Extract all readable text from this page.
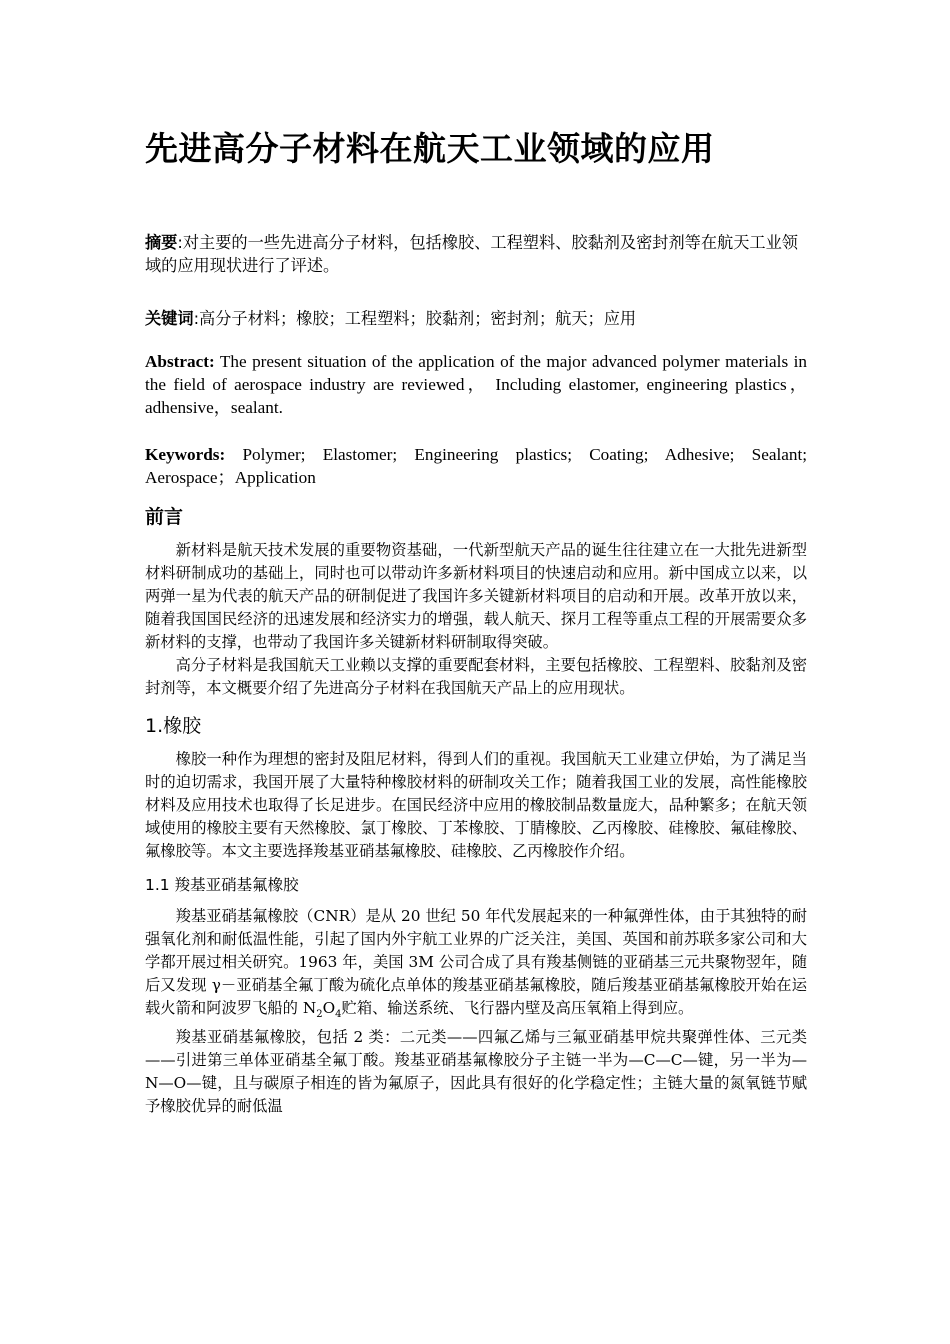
先进高分子材料在航天工业领域的应用
摘要:对主要的一些先进高分子材料，包括橡胶、工程塑料、胶黏剂及密封剂等在航天工业领域的应用现状进行了评述。
关键词:高分子材料；橡胶；工程塑料；胶黏剂；密封剂；航天；应用
Abstract: The present situation of the application of the major advanced polymer materials in the field of aerospace industry are reviewed， Including elastomer, engineering plastics，adhensive，sealant.
Keywords: Polymer; Elastomer; Engineering plastics; Coating; Adhesive; Sealant; Aerospace；Application
前言

新材料是航天技术发展的重要物资基础，一代新型航天产品的诞生往往建立在一大批先进新型材料研制成功的基础上，同时也可以带动许多新材料项目的快速启动和应用。新中国成立以来，以两弹一星为代表的航天产品的研制促进了我国许多关键新材料项目的启动和开展。改革开放以来，随着我国国民经济的迅速发展和经济实力的增强，载人航天、探月工程等重点工程的开展需要众多新材料的支撑，也带动了我国许多关键新材料研制取得突破。

高分子材料是我国航天工业赖以支撑的重要配套材料，主要包括橡胶、工程塑料、胶黏剂及密封剂等，本文概要介绍了先进高分子材料在我国航天产品上的应用现状。

1.橡胶

橡胶一种作为理想的密封及阻尼材料，得到人们的重视。我国航天工业建立伊始，为了满足当时的迫切需求，我国开展了大量特种橡胶材料的研制攻关工作；随着我国工业的发展，高性能橡胶材料及应用技术也取得了长足进步。在国民经济中应用的橡胶制品数量庞大，品种繁多；在航天领域使用的橡胶主要有天然橡胶、氯丁橡胶、丁苯橡胶、丁腈橡胶、乙丙橡胶、硅橡胶、氟硅橡胶、氟橡胶等。本文主要选择羧基亚硝基氟橡胶、硅橡胶、乙丙橡胶作介绍。

1.1 羧基亚硝基氟橡胶

羧基亚硝基氟橡胶（CNR）是从 20 世纪 50 年代发展起来的一种氟弹性体，由于其独特的耐强氧化剂和耐低温性能，引起了国内外宇航工业界的广泛关注，美国、英国和前苏联多家公司和大学都开展过相关研究。1963 年，美国 3M 公司合成了具有羧基侧链的亚硝基三元共聚物翌年，随后又发现 γ－亚硝基全氟丁酸为硫化点单体的羧基亚硝基氟橡胶，随后羧基亚硝基氟橡胶开始在运载火箭和阿波罗飞船的 $N_2O_4$贮箱、输送系统、飞行器内壁及高压氧箱上得到应。

羧基亚硝基氟橡胶，包括 2 类：二元类——四氟乙烯与三氟亚硝基甲烷共聚弹性体、三元类——引进第三单体亚硝基全氟丁酸。羧基亚硝基氟橡胶分子主链一半为—C—C—键，另一半为—N—O—键，且与碳原子相连的皆为氟原子，因此具有很好的化学稳定性；主链大量的氮氧链节赋予橡胶优异的耐低温
